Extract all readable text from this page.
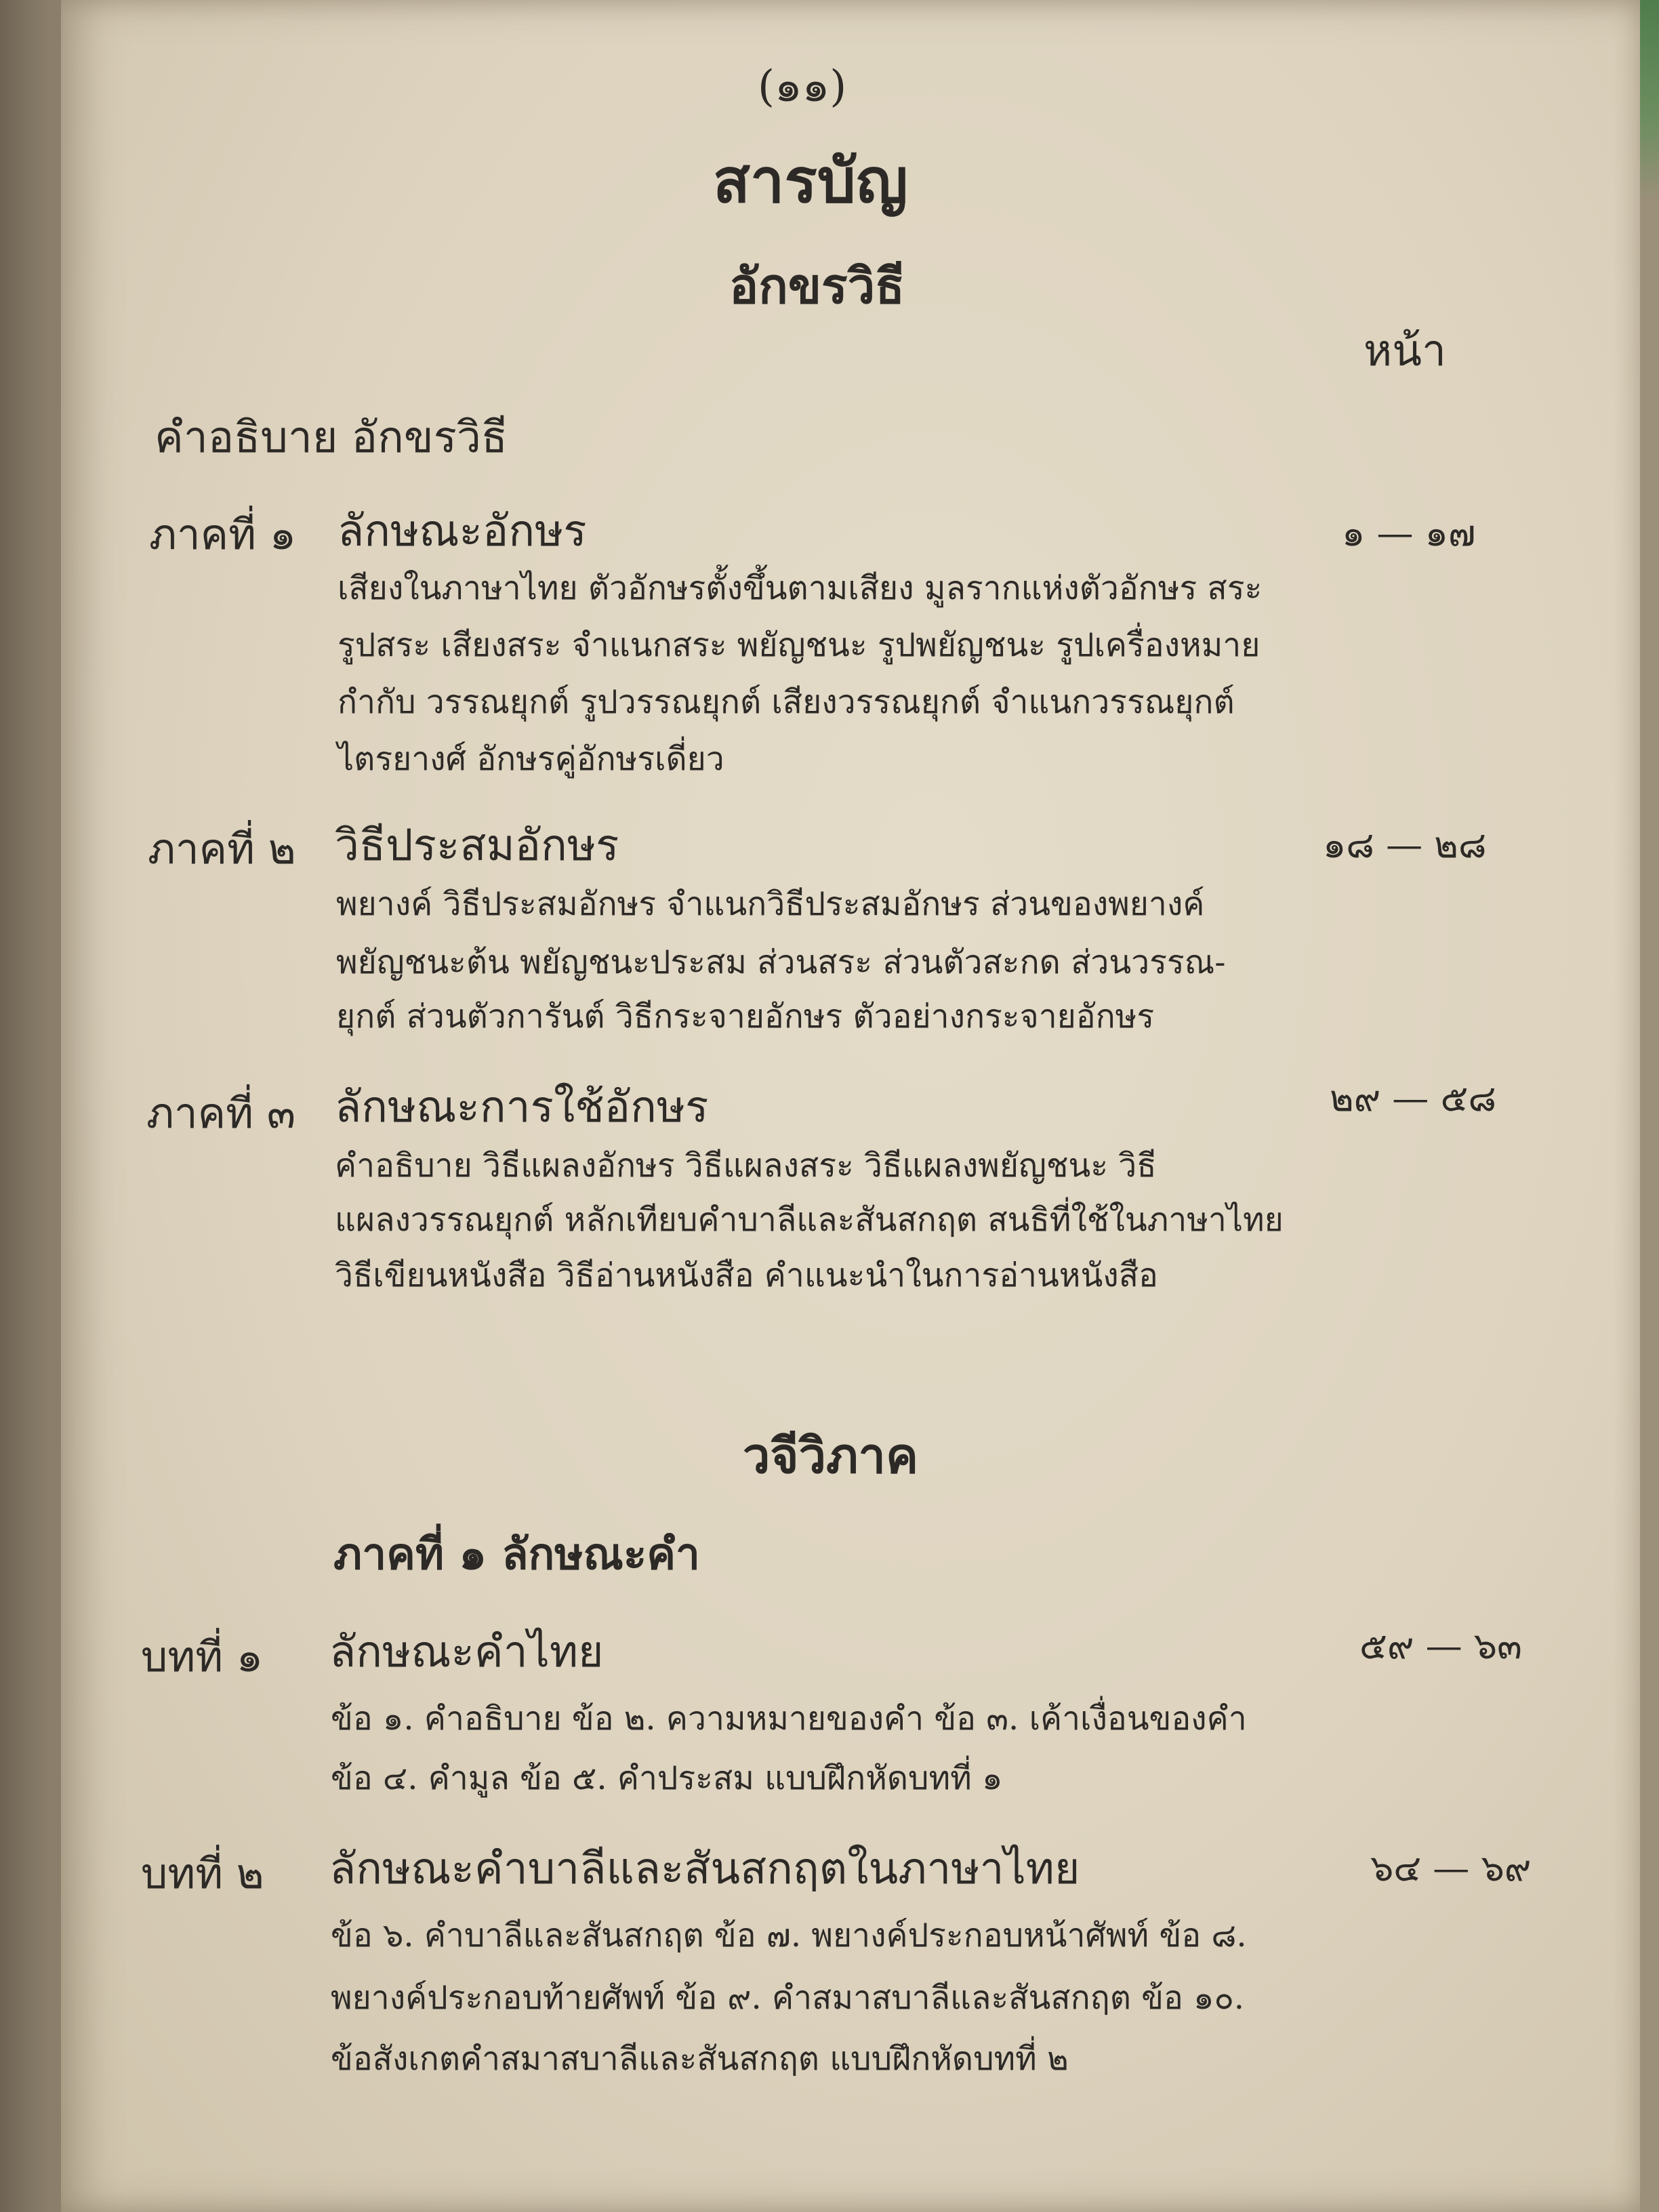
(๑๑)
สารบัญ
อักขรวิธี
หน้า
คำอธิบาย อักขรวิธี
ภาคที่ ๑ ลักษณะอักษร	๑ — ๑๗
เสียงในภาษาไทย ตัวอักษรตั้งขึ้นตามเสียง มูลรากแห่งตัวอักษร สระ
รูปสระ เสียงสระ จำแนกสระ พยัญชนะ รูปพยัญชนะ รูปเครื่องหมาย
กำกับ วรรณยุกต์ รูปวรรณยุกต์ เสียงวรรณยุกต์ จำแนกวรรณยุกต์
ไตรยางศ์ อักษรคู่อักษรเดี่ยว
ภาคที่ ๒ วิธีประสมอักษร	๑๘ — ๒๘
พยางค์ วิธีประสมอักษร จำแนกวิธีประสมอักษร ส่วนของพยางค์
พยัญชนะต้น พยัญชนะประสม ส่วนสระ ส่วนตัวสะกด ส่วนวรรณ-
ยุกต์ ส่วนตัวการันต์ วิธีกระจายอักษร ตัวอย่างกระจายอักษร
ภาคที่ ๓ ลักษณะการใช้อักษร	๒๙ — ๕๘
คำอธิบาย วิธีแผลงอักษร วิธีแผลงสระ วิธีแผลงพยัญชนะ วิธี
แผลงวรรณยุกต์ หลักเทียบคำบาลีและสันสกฤต สนธิที่ใช้ในภาษาไทย
วิธีเขียนหนังสือ วิธีอ่านหนังสือ คำแนะนำในการอ่านหนังสือ
วจีวิภาค
ภาคที่ ๑ ลักษณะคำ
บทที่ ๑ ลักษณะคำไทย	๕๙ — ๖๓
ข้อ ๑. คำอธิบาย ข้อ ๒. ความหมายของคำ ข้อ ๓. เค้าเงื่อนของคำ
ข้อ ๔. คำมูล ข้อ ๕. คำประสม แบบฝึกหัดบทที่ ๑
บทที่ ๒ ลักษณะคำบาลีและสันสกฤตในภาษาไทย	๖๔ — ๖๙
ข้อ ๖. คำบาลีและสันสกฤต ข้อ ๗. พยางค์ประกอบหน้าศัพท์ ข้อ ๘.
พยางค์ประกอบท้ายศัพท์ ข้อ ๙. คำสมาสบาลีและสันสกฤต ข้อ ๑๐.
ข้อสังเกตคำสมาสบาลีและสันสกฤต แบบฝึกหัดบทที่ ๒
